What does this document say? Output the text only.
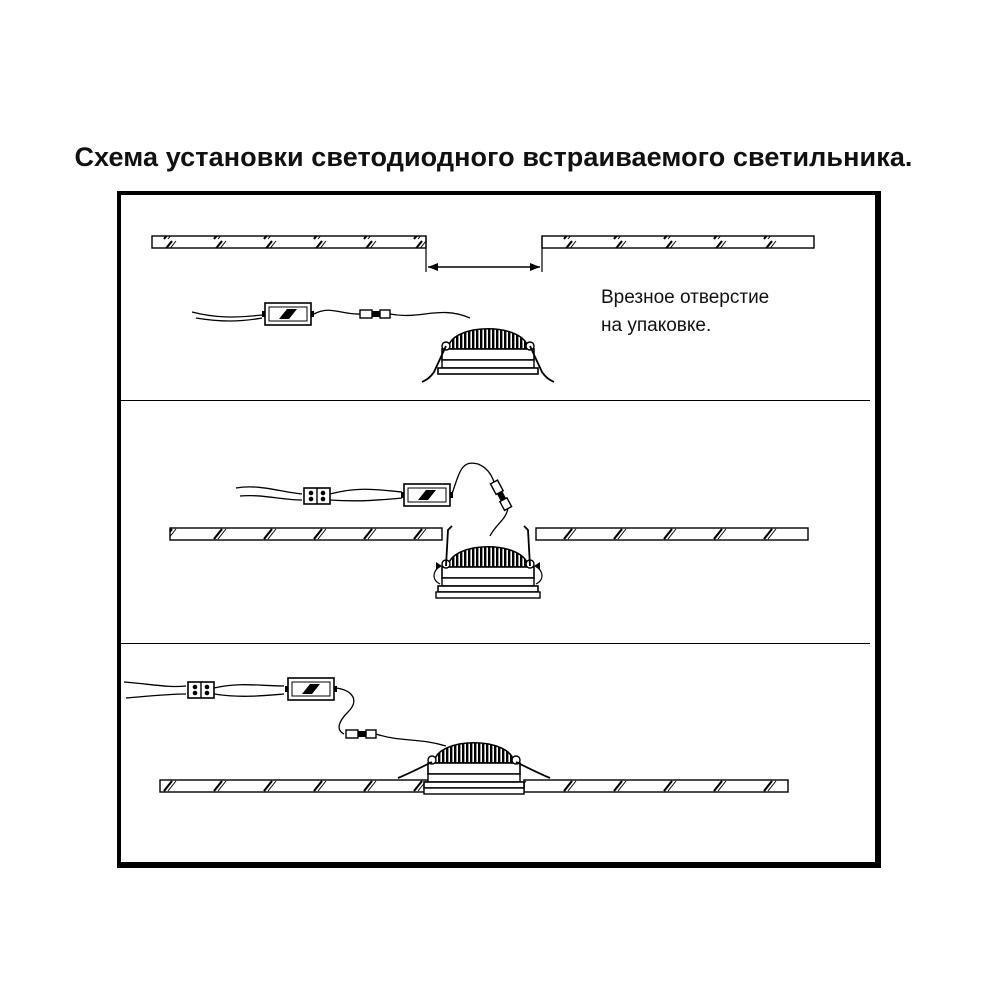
Схема установки светодиодного встраиваемого светильника.
Врезное отверстие
на упаковке.
